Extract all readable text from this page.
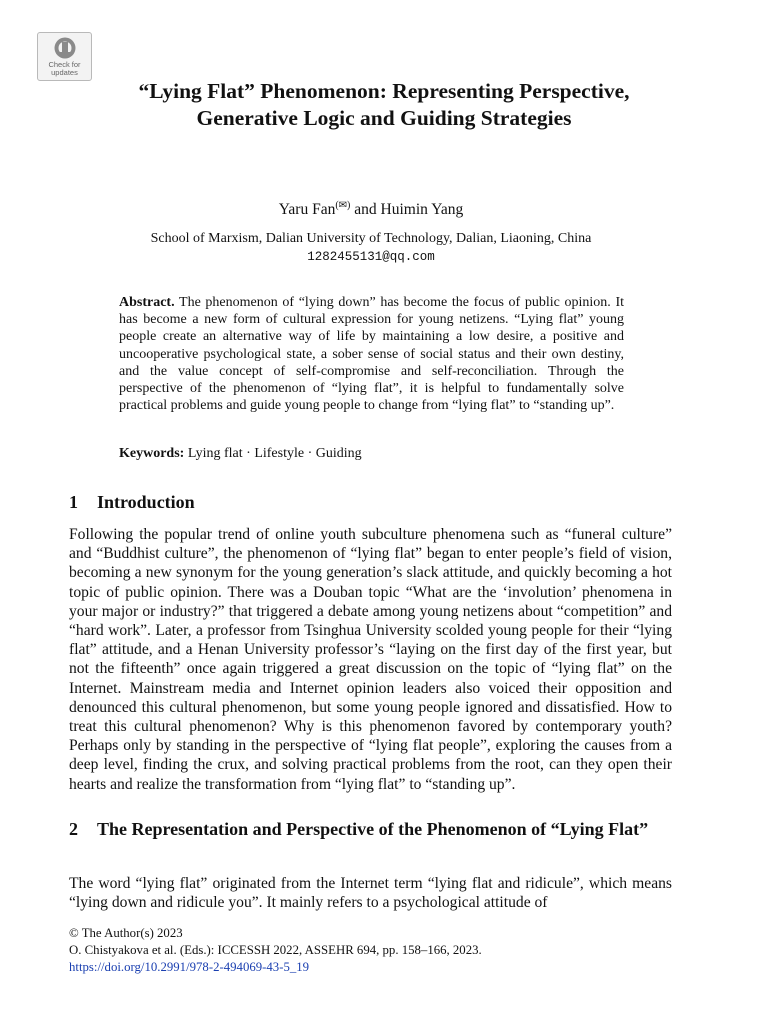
Check for
updates
“Lying Flat” Phenomenon: Representing Perspective, Generative Logic and Guiding Strategies
Yaru Fan(✉) and Huimin Yang
School of Marxism, Dalian University of Technology, Dalian, Liaoning, China
1282455131@qq.com

Abstract. The phenomenon of “lying down” has become the focus of public opinion. It has become a new form of cultural expression for young netizens. “Lying flat” young people create an alternative way of life by maintaining a low desire, a positive and uncooperative psychological state, a sober sense of social status and their own destiny, and the value concept of self-compromise and self-reconciliation. Through the perspective of the phenomenon of “lying flat”, it is helpful to fundamentally solve practical problems and guide young people to change from “lying flat” to “standing up”.

Keywords: Lying flat · Lifestyle · Guiding
1 Introduction

Following the popular trend of online youth subculture phenomena such as “funeral culture” and “Buddhist culture”, the phenomenon of “lying flat” began to enter people’s field of vision, becoming a new synonym for the young generation’s slack attitude, and quickly becoming a hot topic of public opinion. There was a Douban topic “What are the ‘involution’ phenomena in your major or industry?” that triggered a debate among young netizens about “competition” and “hard work”. Later, a professor from Tsinghua University scolded young people for their “lying flat” attitude, and a Henan University professor’s “laying on the first day of the first year, but not the fifteenth” once again triggered a great discussion on the topic of “lying flat” on the Internet. Mainstream media and Internet opinion leaders also voiced their opposition and denounced this cultural phenomenon, but some young people ignored and dissatisfied. How to treat this cultural phenomenon? Why is this phenomenon favored by contemporary youth? Perhaps only by standing in the perspective of “lying flat people”, exploring the causes from a deep level, finding the crux, and solving practical problems from the root, can they open their hearts and realize the transformation from “lying flat” to “standing up”.

2 The Representation and Perspective of the Phenomenon of “Lying Flat”

The word “lying flat” originated from the Internet term “lying flat and ridicule”, which means “lying down and ridicule you”. It mainly refers to a psychological attitude of

© The Author(s) 2023
O. Chistyakova et al. (Eds.): ICCESSH 2022, ASSEHR 694, pp. 158–166, 2023.
https://doi.org/10.2991/978-2-494069-43-5_19
